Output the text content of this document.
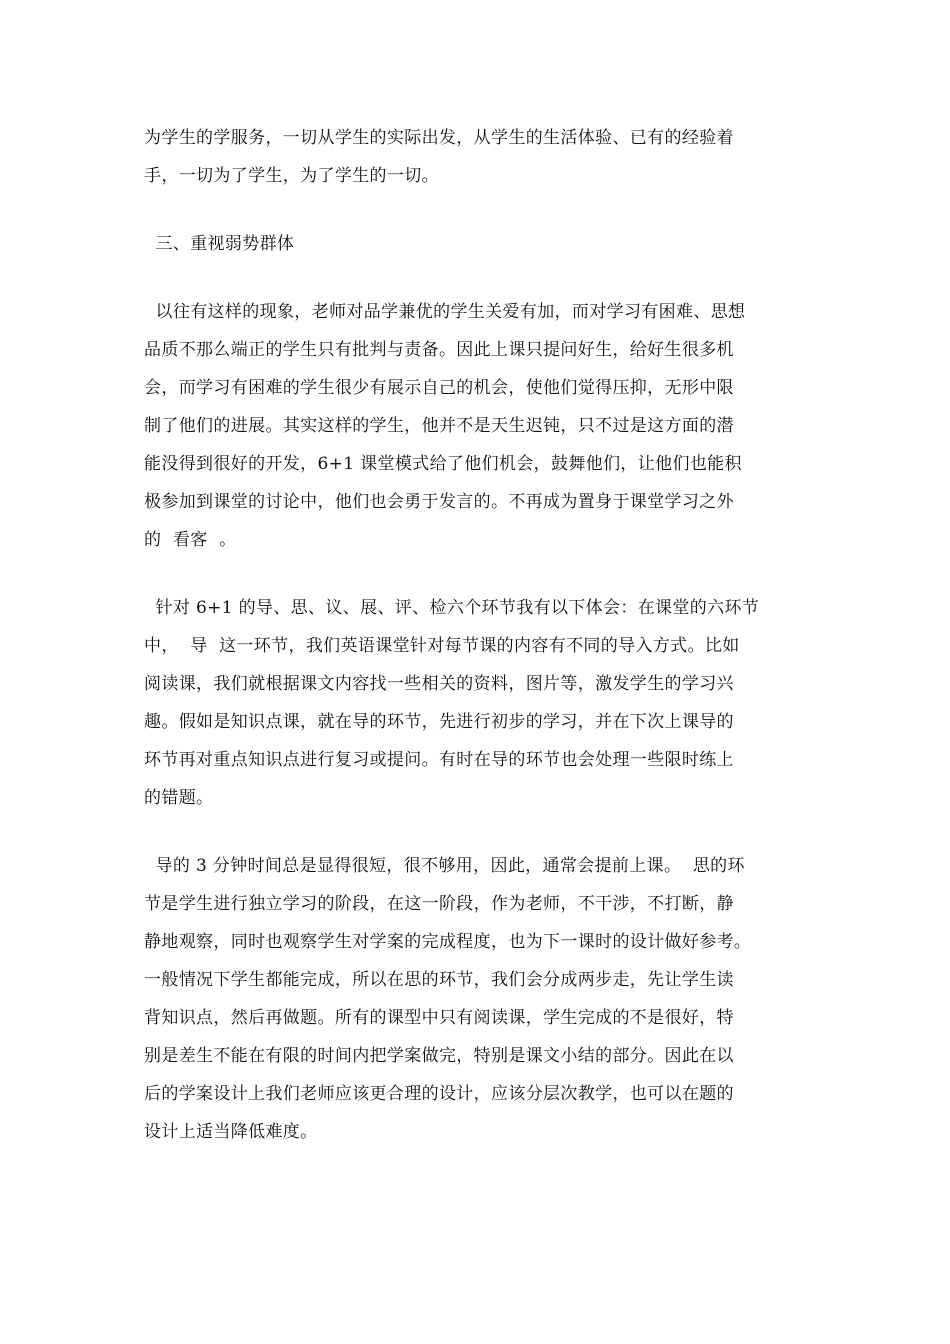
为学生的学服务，一切从学生的实际出发，从学生的生活体验、已有的经验着
手，一切为了学生，为了学生的一切。
三、重视弱势群体
以往有这样的现象，老师对品学兼优的学生关爱有加，而对学习有困难、思想
品质不那么端正的学生只有批判与责备。因此上课只提问好生，给好生很多机
会，而学习有困难的学生很少有展示自己的机会，使他们觉得压抑，无形中限
制了他们的进展。其实这样的学生，他并不是天生迟钝，只不过是这方面的潜
能没得到很好的开发，6+1 课堂模式给了他们机会，鼓舞他们，让他们也能积
极参加到课堂的讨论中，他们也会勇于发言的。不再成为置身于课堂学习之外
的  看客  。
针对 6+1 的导、思、议、展、评、检六个环节我有以下体会：在课堂的六环节
中，  导  这一环节，我们英语课堂针对每节课的内容有不同的导入方式。比如
阅读课，我们就根据课文内容找一些相关的资料，图片等，激发学生的学习兴
趣。假如是知识点课，就在导的环节，先进行初步的学习，并在下次上课导的
环节再对重点知识点进行复习或提问。有时在导的环节也会处理一些限时练上
的错题。
导的 3 分钟时间总是显得很短，很不够用，因此，通常会提前上课。  思的环
节是学生进行独立学习的阶段，在这一阶段，作为老师，不干涉，不打断，静
静地观察，同时也观察学生对学案的完成程度，也为下一课时的设计做好参考。
一般情况下学生都能完成，所以在思的环节，我们会分成两步走，先让学生读
背知识点，然后再做题。所有的课型中只有阅读课，学生完成的不是很好，特
别是差生不能在有限的时间内把学案做完，特别是课文小结的部分。因此在以
后的学案设计上我们老师应该更合理的设计，应该分层次教学，也可以在题的
设计上适当降低难度。
